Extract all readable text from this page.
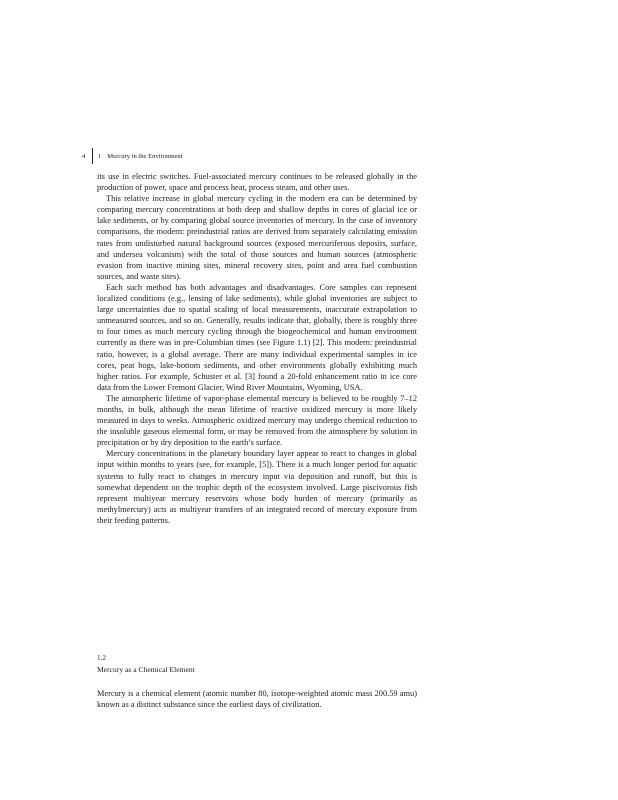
4	1 Mercury in the Environment

its use in electric switches. Fuel-associated mercury continues to be released globally in the production of power, space and process heat, process steam, and other uses.

This relative increase in global mercury cycling in the modern era can be determined by comparing mercury concentrations at both deep and shallow depths in cores of glacial ice or lake sediments, or by comparing global source inventories of mercury. In the case of inventory comparisons, the modern: preindustrial ratios are derived from separately calculating emission rates from undisturbed natural background sources (exposed mercuriferous deposits, surface, and undersea volcanism) with the total of those sources and human sources (atmospheric evasion from inactive mining sites, mineral recovery sites, point and area fuel combustion sources, and waste sites).

Each such method has both advantages and disadvantages. Core samples can represent localized conditions (e.g., lensing of lake sediments), while global inventories are subject to large uncertainties due to spatial scaling of local measurements, inaccurate extrapolation to unmeasured sources, and so on. Generally, results indicate that, globally, there is roughly three to four times as much mercury cycling through the biogeochemical and human environment currently as there was in pre-Columbian times (see Figure 1.1) [2]. This modern: preindustrial ratio, however, is a global average. There are many individual experimental samples in ice cores, peat bogs, lake-bottom sediments, and other environments globally exhibiting much higher ratios. For example, Schuster et al. [3] found a 20-fold enhancement ratio in ice core data from the Lower Fremont Glacier, Wind River Mountains, Wyoming, USA.

The atmospheric lifetime of vapor-phase elemental mercury is believed to be roughly 7–12 months, in bulk, although the mean lifetime of reactive oxidized mercury is more likely measured in days to weeks. Atmospheric oxidized mercury may undergo chemical reduction to the insoluble gaseous elemental form, or may be removed from the atmosphere by solution in precipitation or by dry deposition to the earth’s surface.

Mercury concentrations in the planetary boundary layer appear to react to changes in global input within months to years (see, for example, [5]). There is a much longer period for aquatic systems to fully react to changes in mercury input via deposition and runoff, but this is somewhat dependent on the trophic depth of the ecosystem involved. Large piscivorous fish represent multiyear mercury reservoirs whose body burden of mercury (primarily as methylmercury) acts as multiyear transfers of an integrated record of mercury exposure from their feeding patterns.

1.2
Mercury as a Chemical Element

Mercury is a chemical element (atomic number 80, isotope-weighted atomic mass 200.59 amu) known as a distinct substance since the earliest days of civilization.
